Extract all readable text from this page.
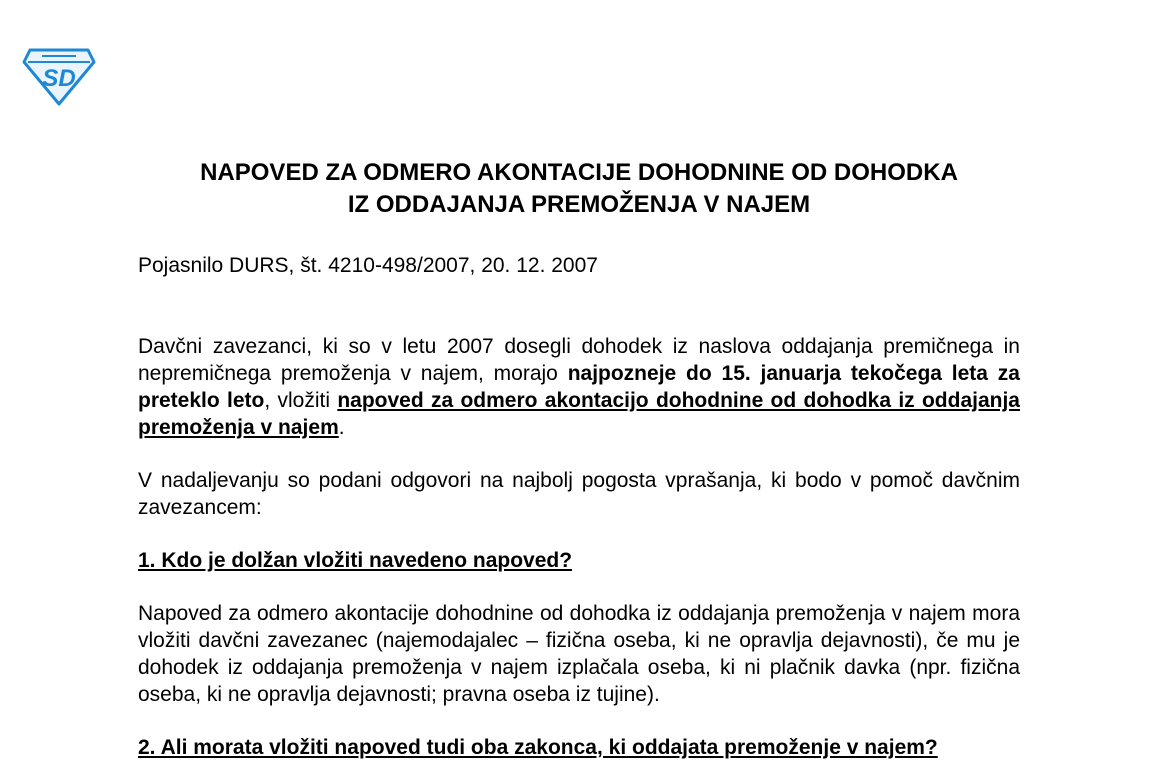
SD
NAPOVED ZA ODMERO AKONTACIJE DOHODNINE OD DOHODKA
IZ ODDAJANJA PREMOŽENJA V NAJEM

Pojasnilo DURS, št. 4210-498/2007, 20. 12. 2007

Davčni zavezanci, ki so v letu 2007 dosegli dohodek iz naslova oddajanja premičnega in nepremičnega premoženja v najem, morajo najpozneje do 15. januarja tekočega leta za preteklo leto, vložiti napoved za odmero akontacijo dohodnine od dohodka iz oddajanja premoženja v najem.

V nadaljevanju so podani odgovori na najbolj pogosta vprašanja, ki bodo v pomoč davčnim zavezancem:

1. Kdo je dolžan vložiti navedeno napoved?

Napoved za odmero akontacije dohodnine od dohodka iz oddajanja premoženja v najem mora vložiti davčni zavezanec (najemodajalec – fizična oseba, ki ne opravlja dejavnosti), če mu je dohodek iz oddajanja premoženja v najem izplačala oseba, ki ni plačnik davka (npr. fizična oseba, ki ne opravlja dejavnosti; pravna oseba iz tujine).

2. Ali morata vložiti napoved tudi oba zakonca, ki oddajata premoženje v najem?
